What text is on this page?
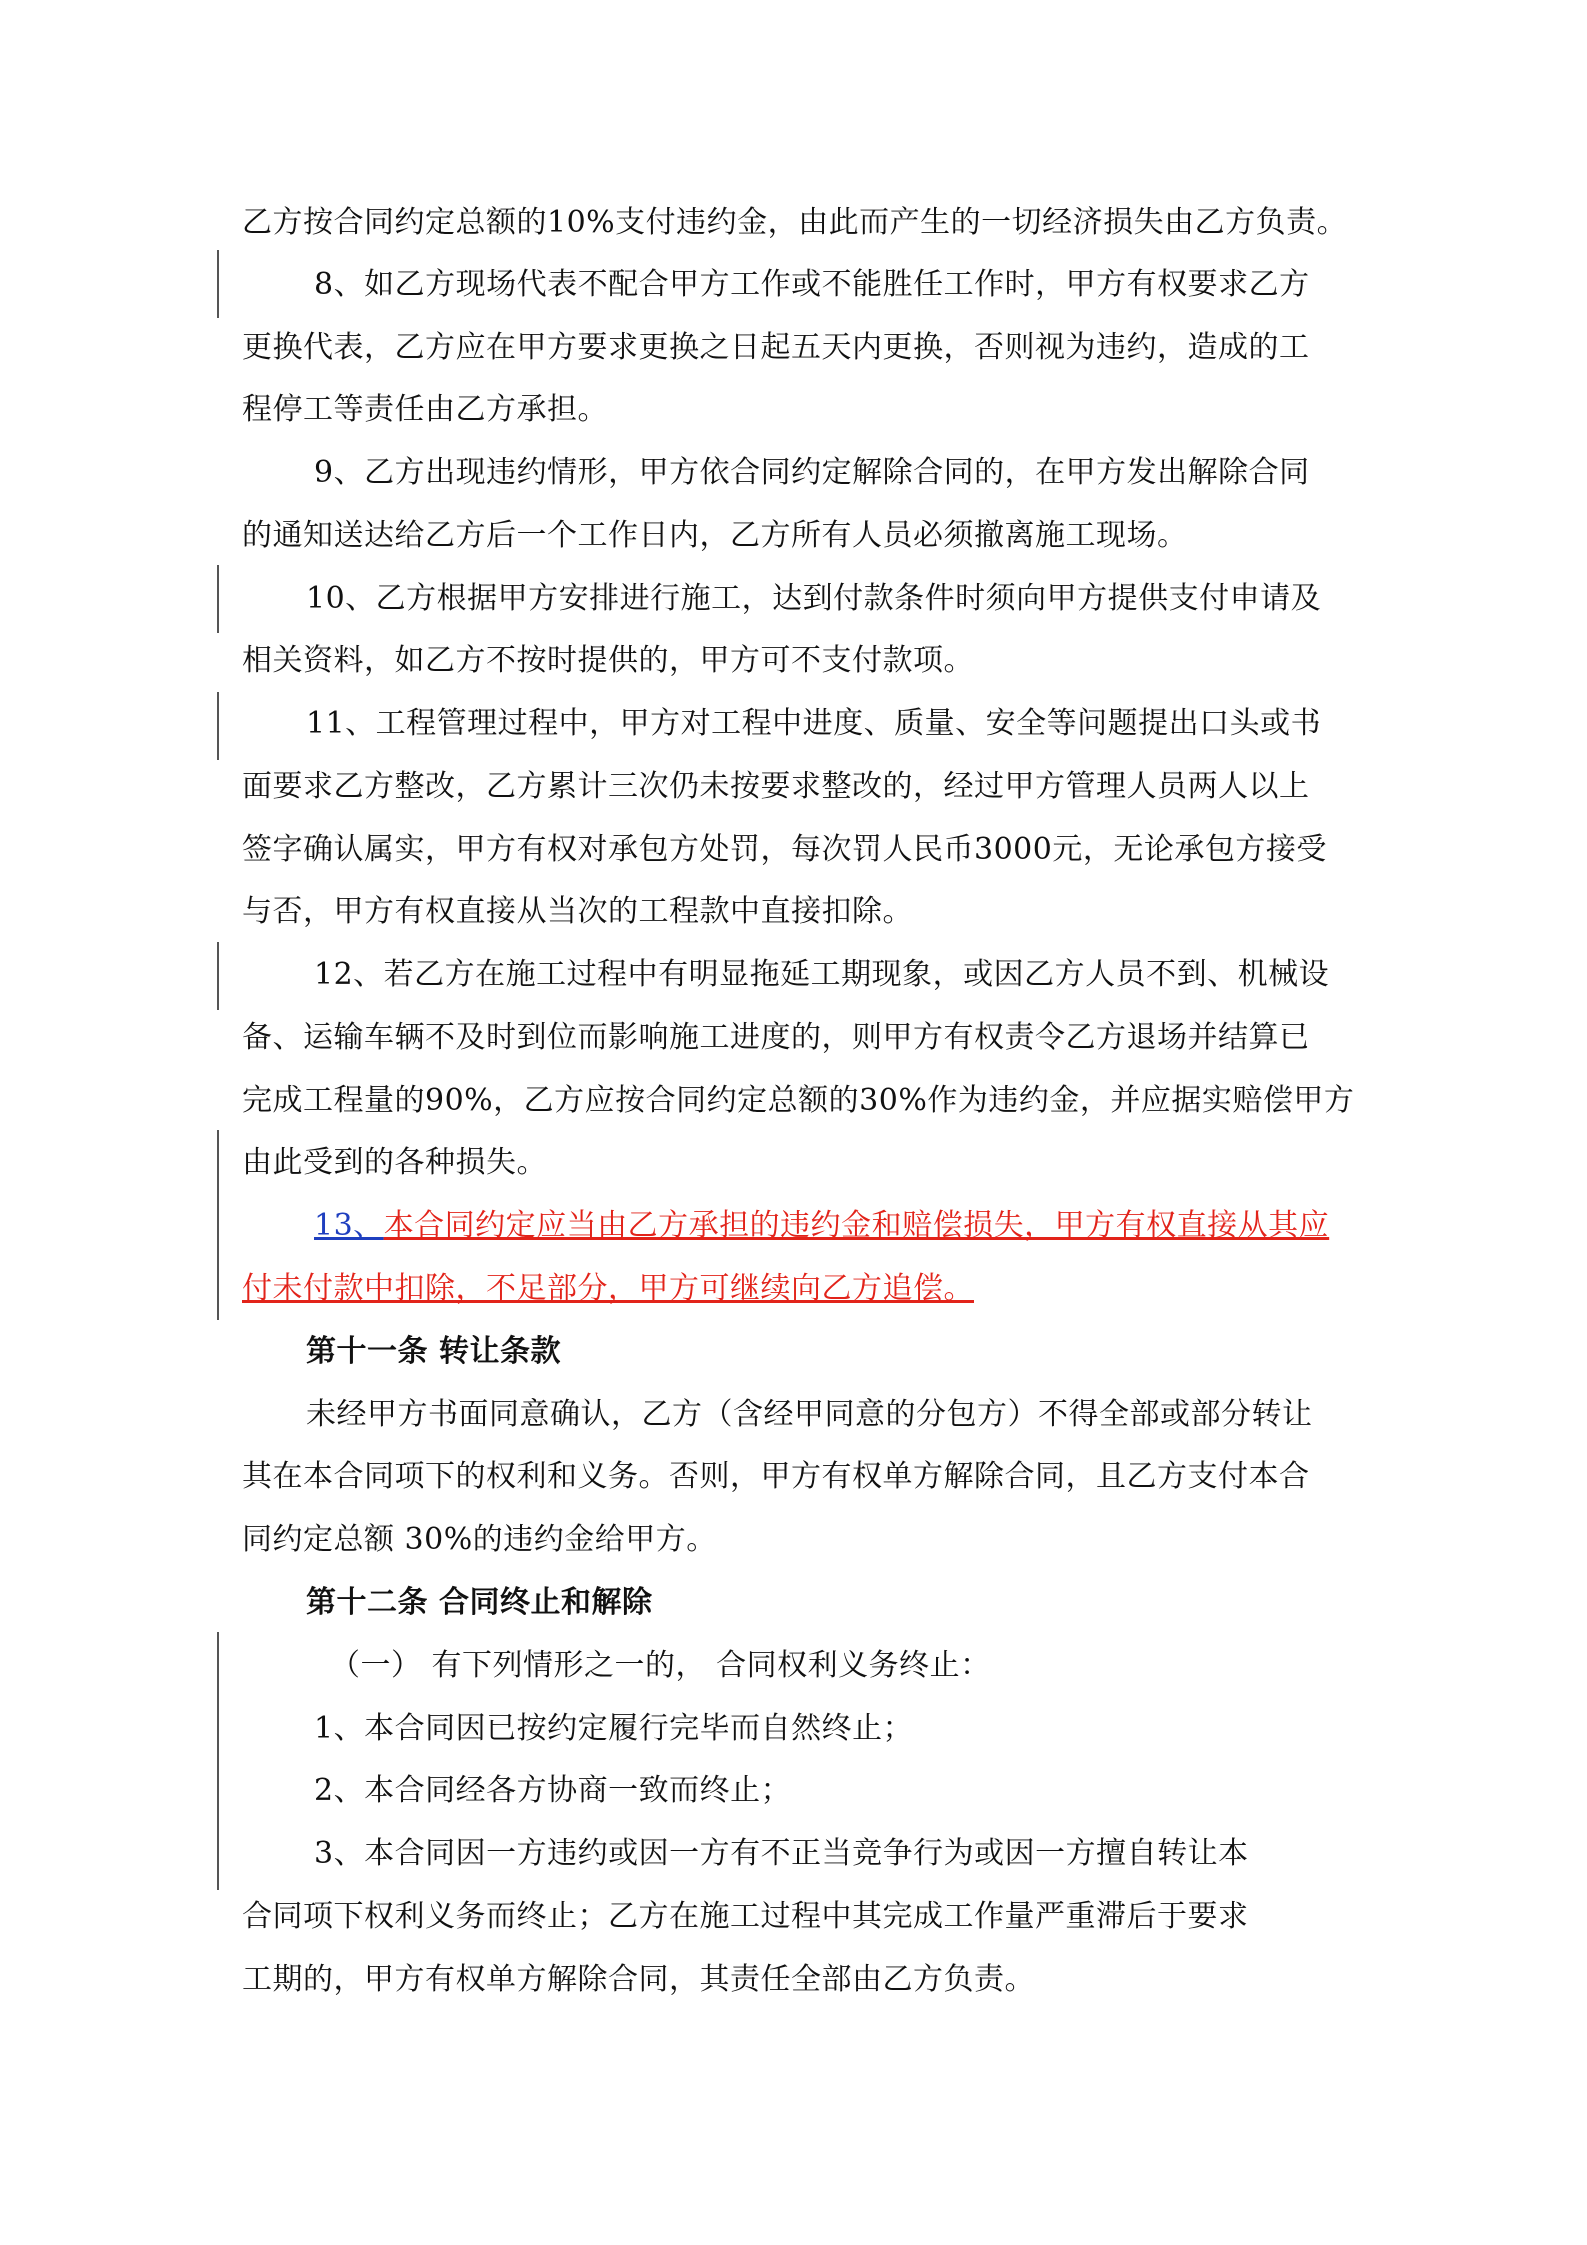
乙方按合同约定总额的10%支付违约金，由此而产生的一切经济损失由乙方负责。
8、如乙方现场代表不配合甲方工作或不能胜任工作时，甲方有权要求乙方
更换代表，乙方应在甲方要求更换之日起五天内更换，否则视为违约，造成的工
程停工等责任由乙方承担。
9、乙方出现违约情形，甲方依合同约定解除合同的，在甲方发出解除合同
的通知送达给乙方后一个工作日内，乙方所有人员必须撤离施工现场。
10、乙方根据甲方安排进行施工，达到付款条件时须向甲方提供支付申请及
相关资料，如乙方不按时提供的，甲方可不支付款项。
11、工程管理过程中，甲方对工程中进度、质量、安全等问题提出口头或书
面要求乙方整改，乙方累计三次仍未按要求整改的，经过甲方管理人员两人以上
签字确认属实，甲方有权对承包方处罚，每次罚人民币3000元，无论承包方接受
与否，甲方有权直接从当次的工程款中直接扣除。
12、若乙方在施工过程中有明显拖延工期现象，或因乙方人员不到、机械设
备、运输车辆不及时到位而影响施工进度的，则甲方有权责令乙方退场并结算已
完成工程量的90%，乙方应按合同约定总额的30%作为违约金，并应据实赔偿甲方
由此受到的各种损失。
13、本合同约定应当由乙方承担的违约金和赔偿损失，甲方有权直接从其应
付未付款中扣除，不足部分，甲方可继续向乙方追偿。
第十一条 转让条款
未经甲方书面同意确认，乙方（含经甲同意的分包方）不得全部或部分转让
其在本合同项下的权利和义务。否则，甲方有权单方解除合同，且乙方支付本合
同约定总额 30%的违约金给甲方。
第十二条 合同终止和解除
（一） 有下列情形之一的， 合同权利义务终止：
1、本合同因已按约定履行完毕而自然终止；
2、本合同经各方协商一致而终止；
3、本合同因一方违约或因一方有不正当竞争行为或因一方擅自转让本
合同项下权利义务而终止；乙方在施工过程中其完成工作量严重滞后于要求
工期的，甲方有权单方解除合同，其责任全部由乙方负责。
